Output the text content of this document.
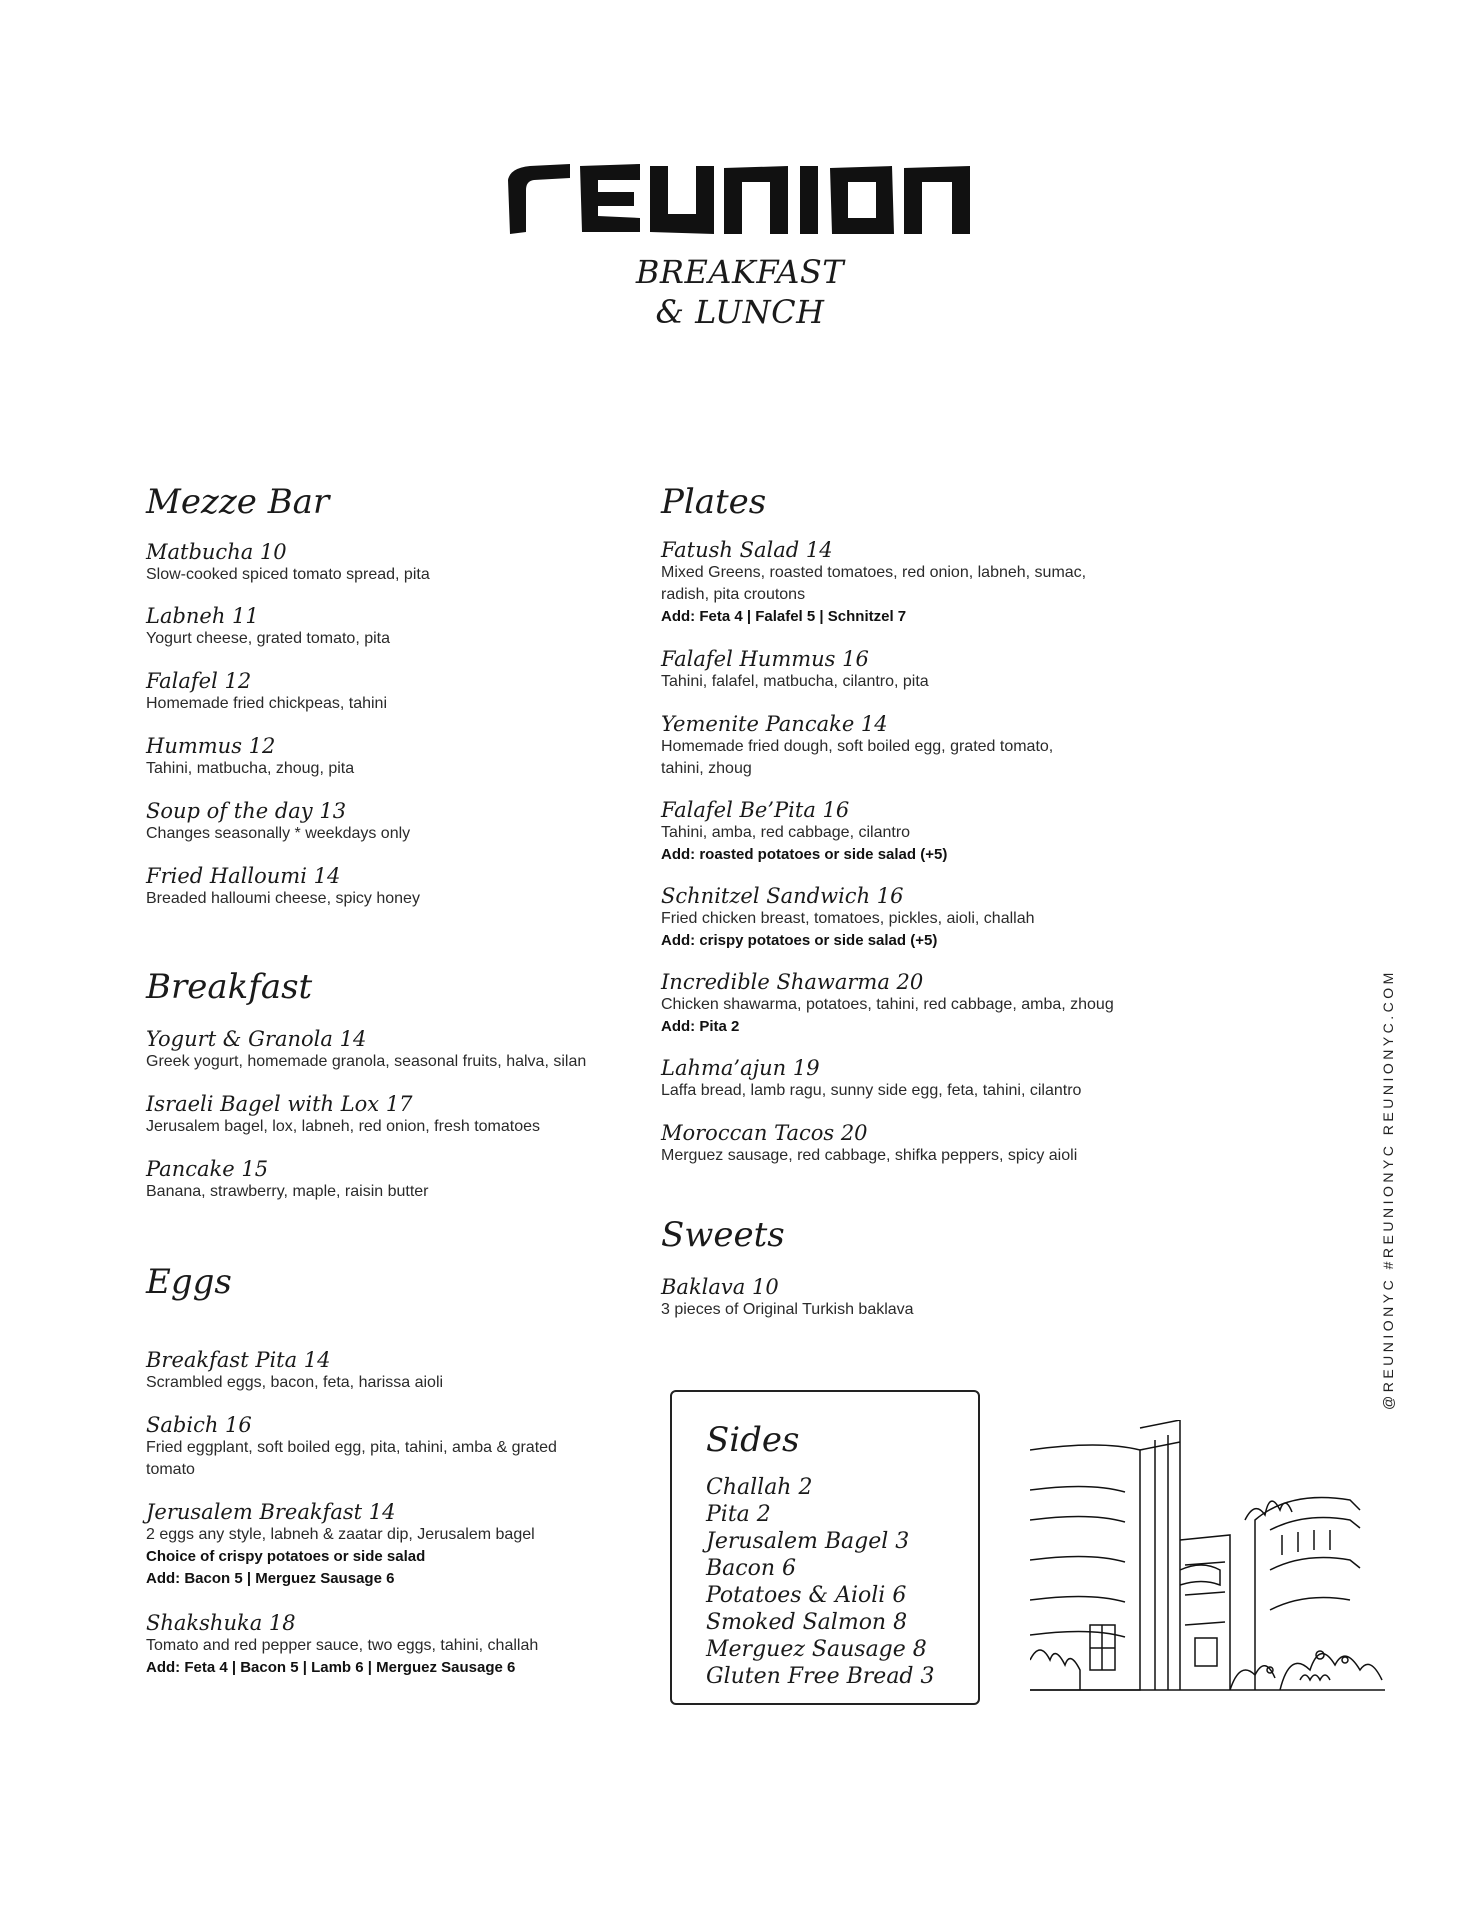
BREAKFAST
& LUNCH
Mezze Bar
Matbucha 10
Slow-cooked spiced tomato spread, pita
Labneh 11
Yogurt cheese, grated tomato, pita
Falafel 12
Homemade fried chickpeas, tahini
Hummus 12
Tahini, matbucha, zhoug, pita
Soup of the day 13
Changes seasonally * weekdays only
Fried Halloumi 14
Breaded halloumi cheese, spicy honey
Breakfast
Yogurt & Granola 14
Greek yogurt, homemade granola, seasonal fruits, halva, silan
Israeli Bagel with Lox 17
Jerusalem bagel, lox, labneh, red onion, fresh tomatoes
Pancake 15
Banana, strawberry, maple, raisin butter
Eggs
Breakfast Pita 14
Scrambled eggs, bacon, feta, harissa aioli
Sabich 16
Fried eggplant, soft boiled egg, pita, tahini, amba & grated tomato
Jerusalem Breakfast 14
2 eggs any style, labneh & zaatar dip, Jerusalem bagel
Choice of crispy potatoes or side salad
Add: Bacon 5 | Merguez Sausage 6
Shakshuka 18
Tomato and red pepper sauce, two eggs, tahini, challah
Add: Feta 4 | Bacon 5 | Lamb 6 | Merguez Sausage 6
Plates
Fatush Salad 14
Mixed Greens, roasted tomatoes, red onion, labneh, sumac, radish, pita croutons
Add: Feta 4 | Falafel 5 | Schnitzel 7
Falafel Hummus 16
Tahini, falafel, matbucha, cilantro, pita
Yemenite Pancake 14
Homemade fried dough, soft boiled egg, grated tomato, tahini, zhoug
Falafel Be’Pita 16
Tahini, amba, red cabbage, cilantro
Add: roasted potatoes or side salad (+5)
Schnitzel Sandwich 16
Fried chicken breast, tomatoes, pickles, aioli, challah
Add: crispy potatoes or side salad (+5)
Incredible Shawarma 20
Chicken shawarma, potatoes, tahini, red cabbage, amba, zhoug
Add: Pita 2
Lahma’ajun 19
Laffa bread, lamb ragu, sunny side egg, feta, tahini, cilantro
Moroccan Tacos 20
Merguez sausage, red cabbage, shifka peppers, spicy aioli
Sweets
Baklava 10
3 pieces of Original Turkish baklava
Sides
Challah 2
Pita 2
Jerusalem Bagel 3
Bacon 6
Potatoes & Aioli 6
Smoked Salmon 8
Merguez Sausage 8
Gluten Free Bread 3
@REUNIONYC #REUNIONYC REUNIONYC.COM
